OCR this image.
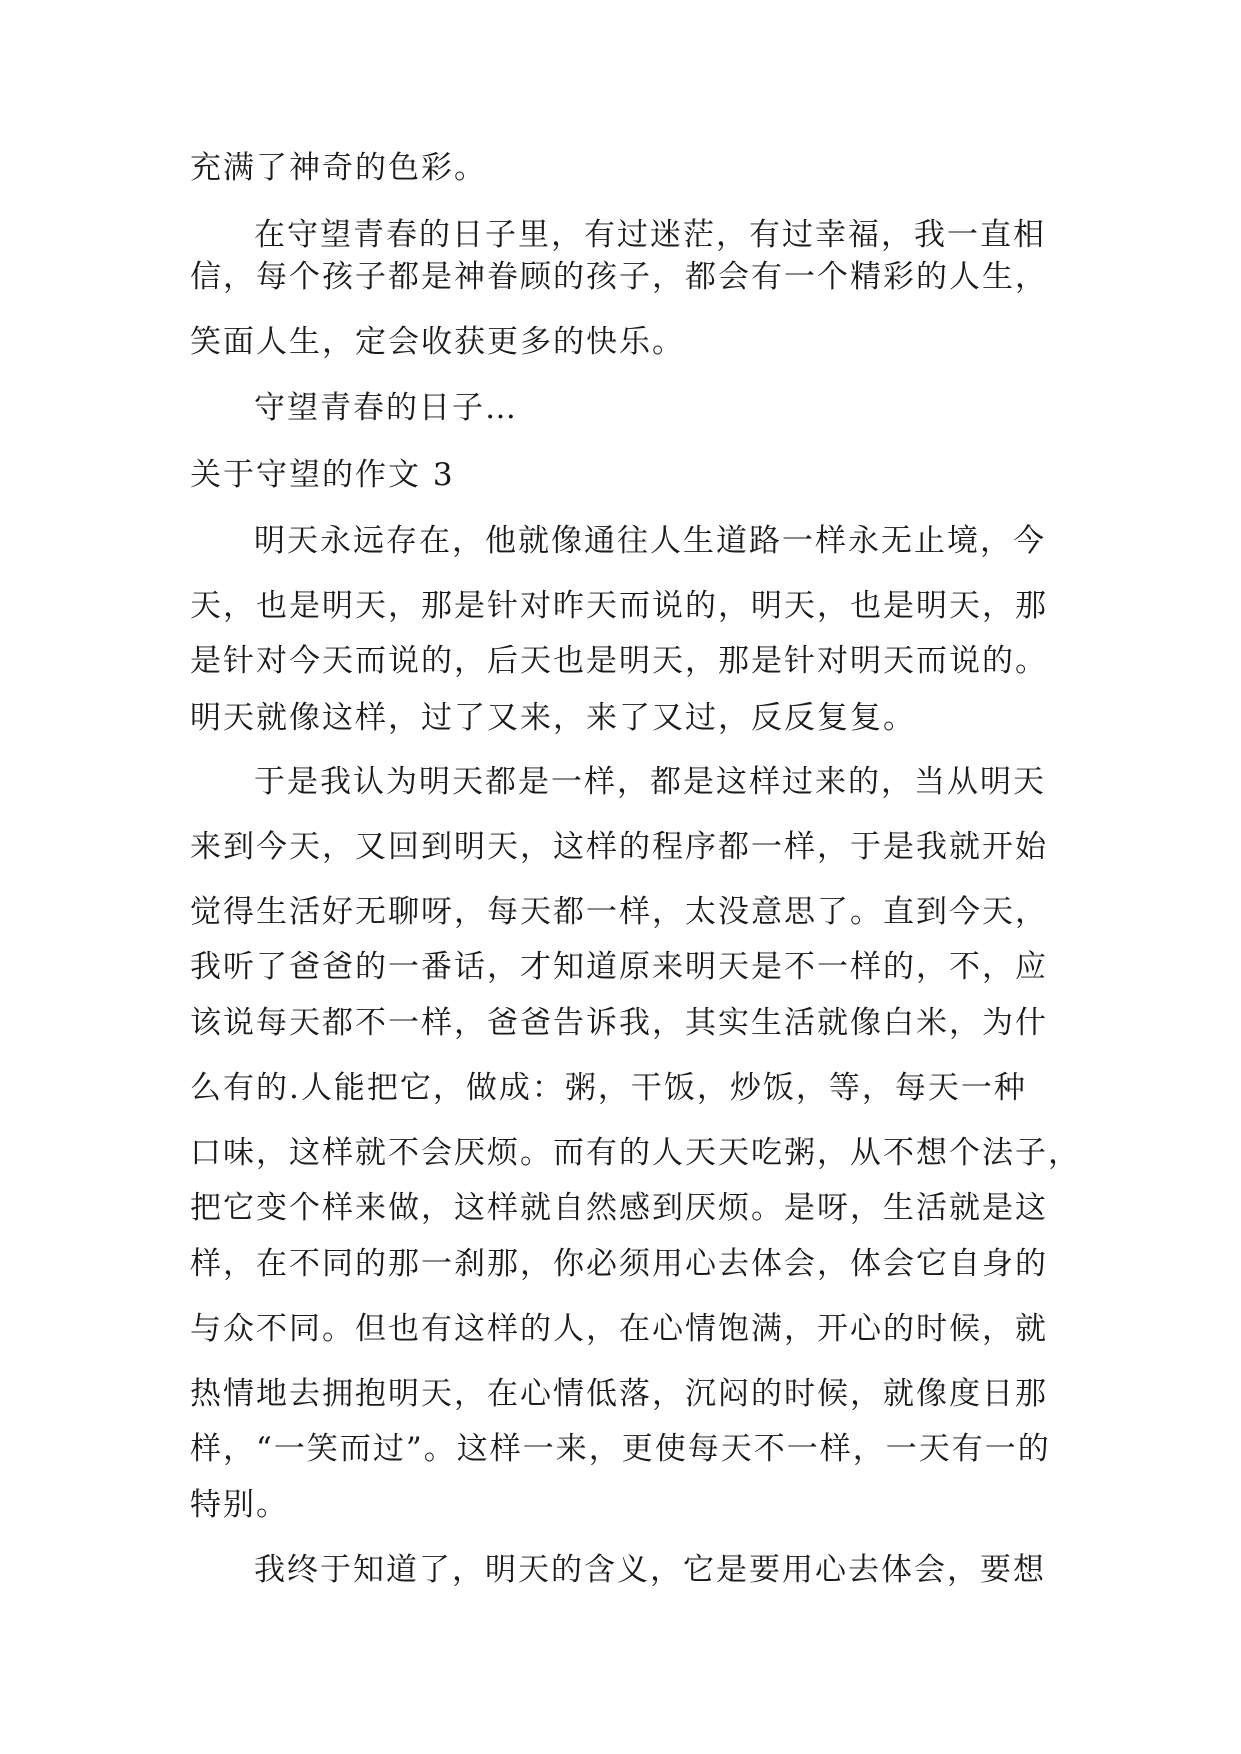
充满了神奇的色彩。

在守望青春的日子里，有过迷茫，有过幸福，我一直相

信，每个孩子都是神眷顾的孩子，都会有一个精彩的人生，

笑面人生，定会收获更多的快乐。

守望青春的日子…

关于守望的作文 3

明天永远存在，他就像通往人生道路一样永无止境，今

天，也是明天，那是针对昨天而说的，明天，也是明天，那

是针对今天而说的，后天也是明天，那是针对明天而说的。

明天就像这样，过了又来，来了又过，反反复复。

于是我认为明天都是一样，都是这样过来的，当从明天

来到今天，又回到明天，这样的程序都一样，于是我就开始

觉得生活好无聊呀，每天都一样，太没意思了。直到今天，

我听了爸爸的一番话，才知道原来明天是不一样的，不，应

该说每天都不一样，爸爸告诉我，其实生活就像白米，为什

么有的.人能把它，做成：粥，干饭，炒饭，等，每天一种

口味，这样就不会厌烦。而有的人天天吃粥，从不想个法子，

把它变个样来做，这样就自然感到厌烦。是呀，生活就是这

样，在不同的那一刹那，你必须用心去体会，体会它自身的

与众不同。但也有这样的人，在心情饱满，开心的时候，就

热情地去拥抱明天，在心情低落，沉闷的时候，就像度日那

样，“一笑而过”。这样一来，更使每天不一样，一天有一的

特别。

我终于知道了，明天的含义，它是要用心去体会，要想
